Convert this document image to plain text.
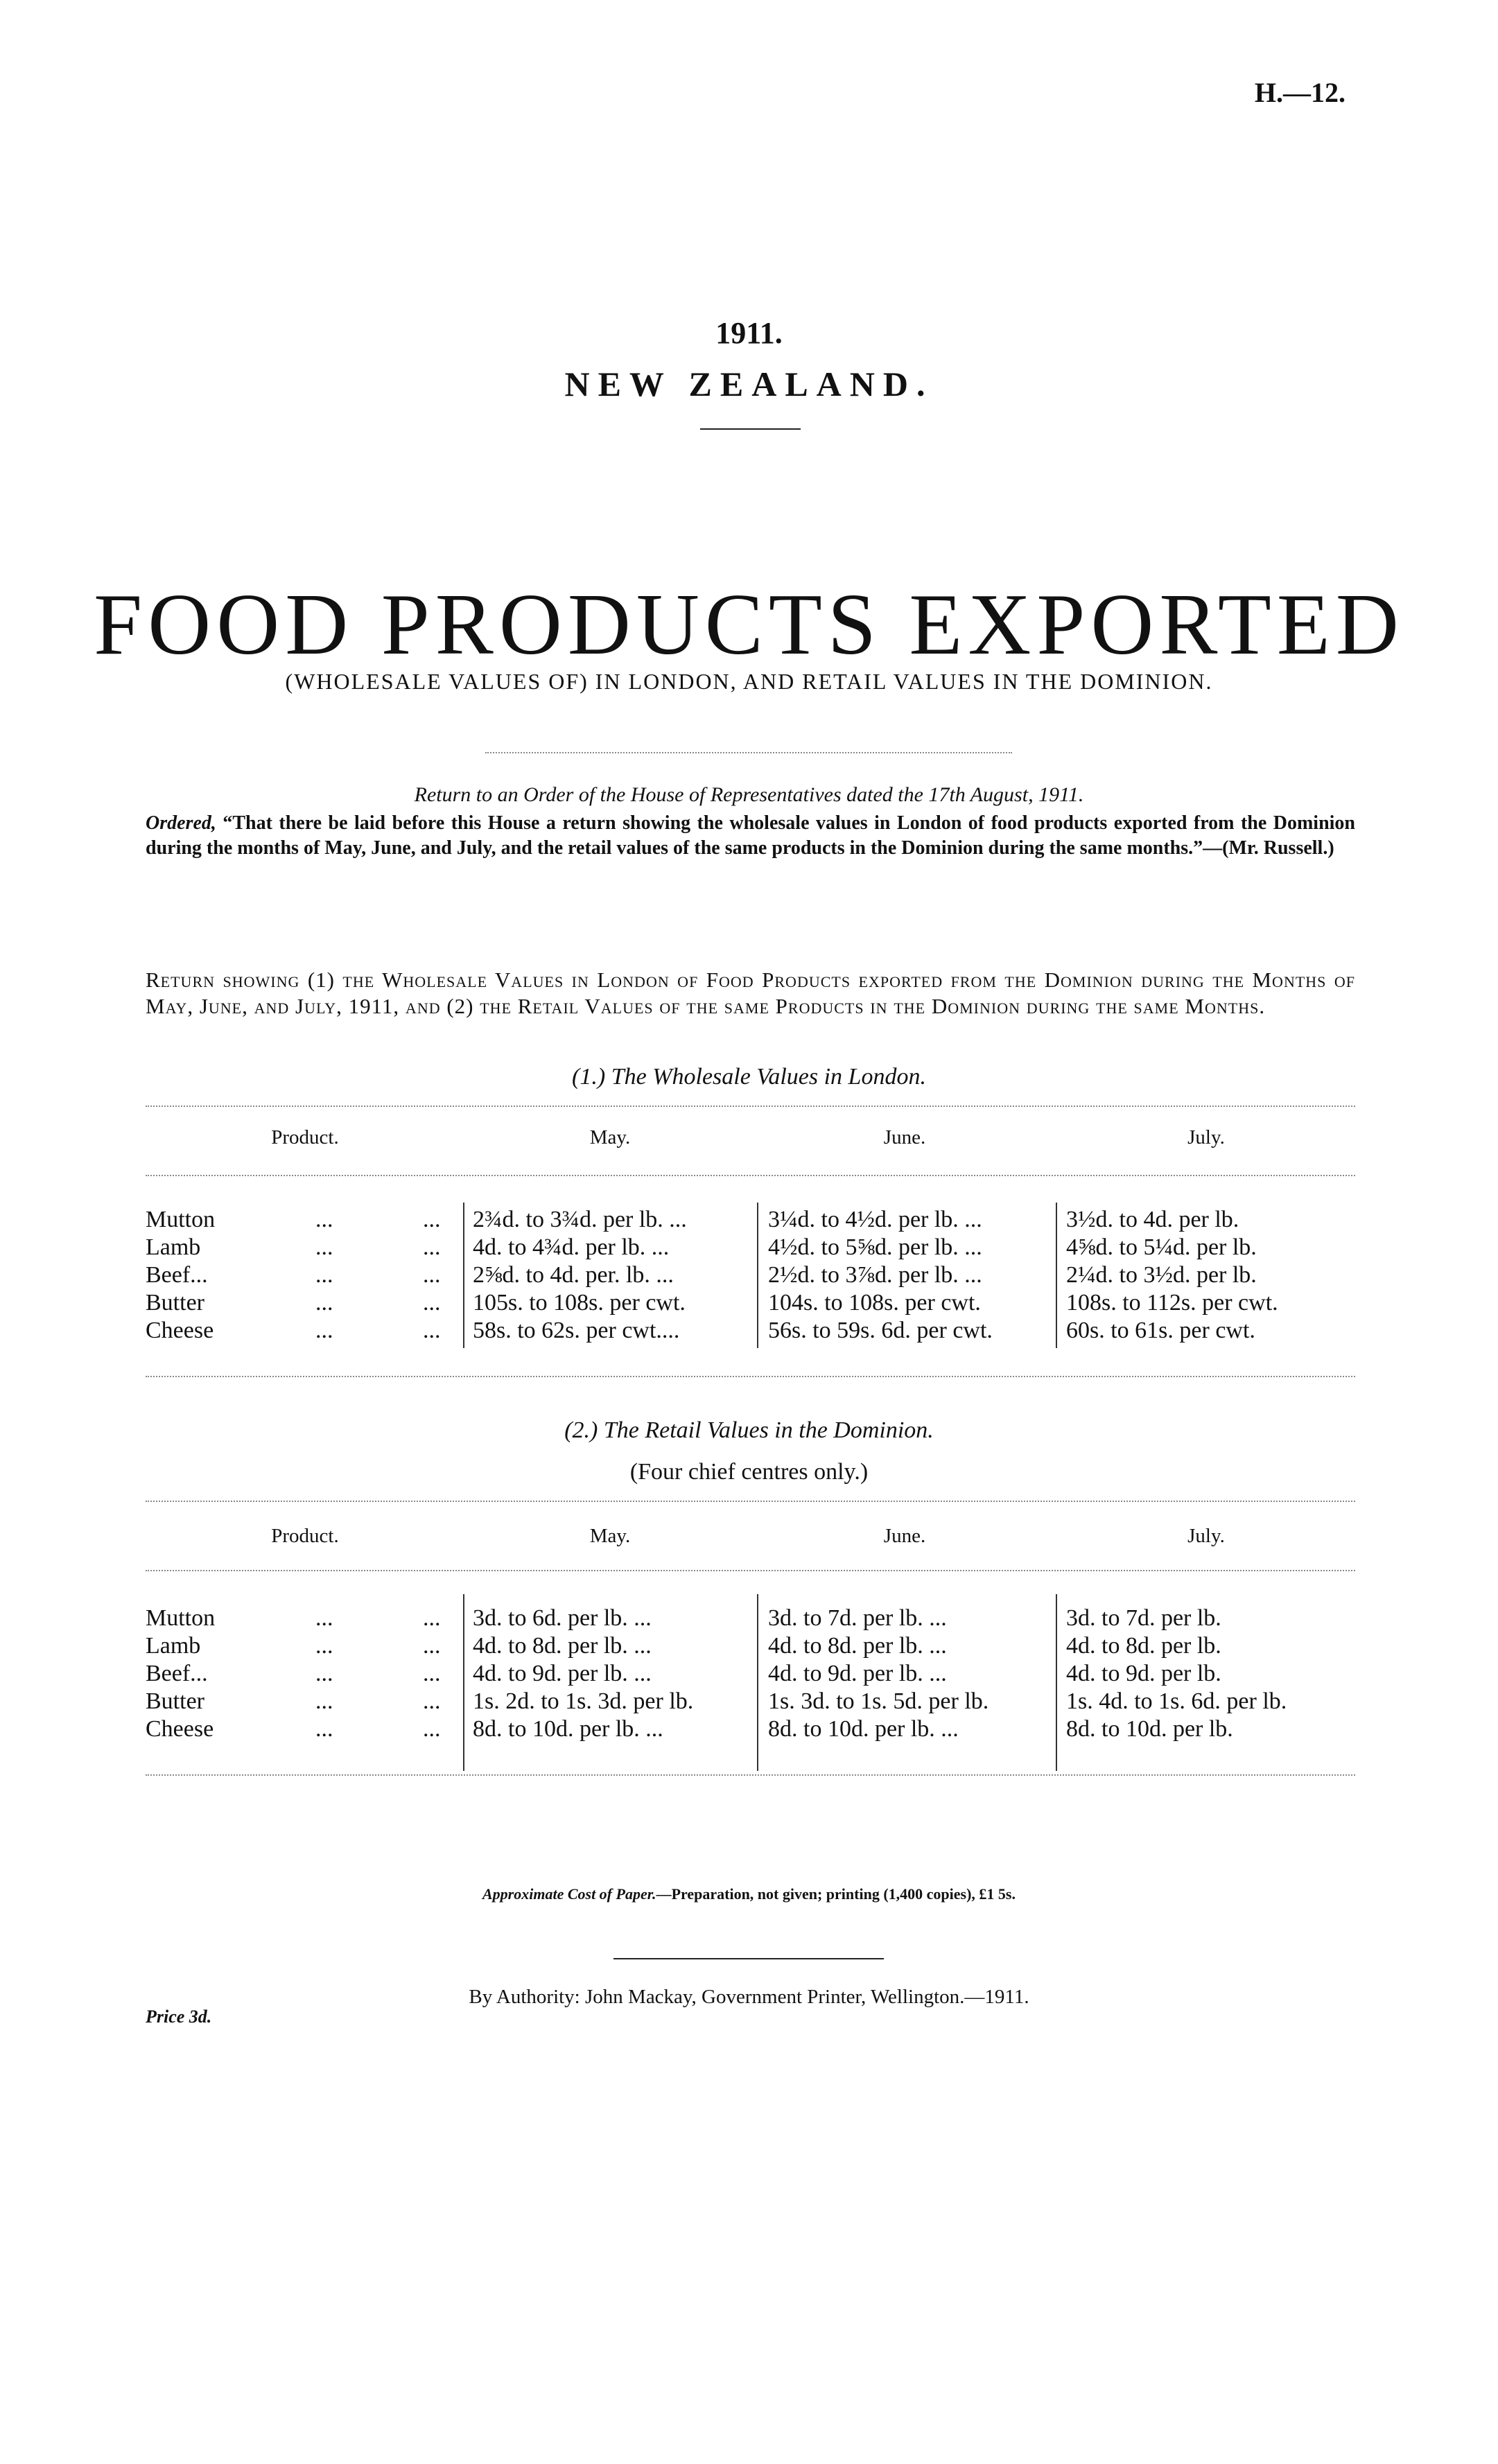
H.—12.
1911.
NEW ZEALAND.
FOOD PRODUCTS EXPORTED
(WHOLESALE VALUES OF) IN LONDON, AND RETAIL VALUES IN THE DOMINION.
Return to an Order of the House of Representatives dated the 17th August, 1911.
Ordered, “That there be laid before this House a return showing the wholesale values in London of food products exported from the Dominion during the months of May, June, and July, and the retail values of the same products in the Dominion during the same months.”—(Mr. Russell.)
Return showing (1) the Wholesale Values in London of Food Products exported from the Dominion during the Months of May, June, and July, 1911, and (2) the Retail Values of the same Products in the Dominion during the same Months.
(1.) The Wholesale Values in London.
Product.	May.	June.	July.
Mutton	...	... 2¾d. to 3¾d. per lb. ...	3¼d. to 4½d. per lb. ...	3½d. to 4d. per lb.
Lamb	...	... 4d. to 4¾d. per lb. ...	4½d. to 5⅝d. per lb. ...	4⅝d. to 5¼d. per lb.
Beef...	...	... 2⅝d. to 4d. per. lb. ...	2½d. to 3⅞d. per lb. ...	2¼d. to 3½d. per lb.
Butter	...	... 105s. to 108s. per cwt.	104s. to 108s. per cwt.	108s. to 112s. per cwt.
Cheese	...	... 58s. to 62s. per cwt....	56s. to 59s. 6d. per cwt.	60s. to 61s. per cwt.
(2.) The Retail Values in the Dominion.
(Four chief centres only.)
Product.	May.	June.	July.
Mutton	...	... 3d. to 6d. per lb. ...	3d. to 7d. per lb. ...	3d. to 7d. per lb.
Lamb	...	... 4d. to 8d. per lb. ...	4d. to 8d. per lb. ...	4d. to 8d. per lb.
Beef...	...	... 4d. to 9d. per lb. ...	4d. to 9d. per lb. ...	4d. to 9d. per lb.
Butter	...	... 1s. 2d. to 1s. 3d. per lb.	1s. 3d. to 1s. 5d. per lb.	1s. 4d. to 1s. 6d. per lb.
Cheese	...	... 8d. to 10d. per lb. ...	8d. to 10d. per lb. ...	8d. to 10d. per lb.
Approximate Cost of Paper.—Preparation, not given; printing (1,400 copies), £1 5s.
By Authority: John Mackay, Government Printer, Wellington.—1911.
Price 3d.
